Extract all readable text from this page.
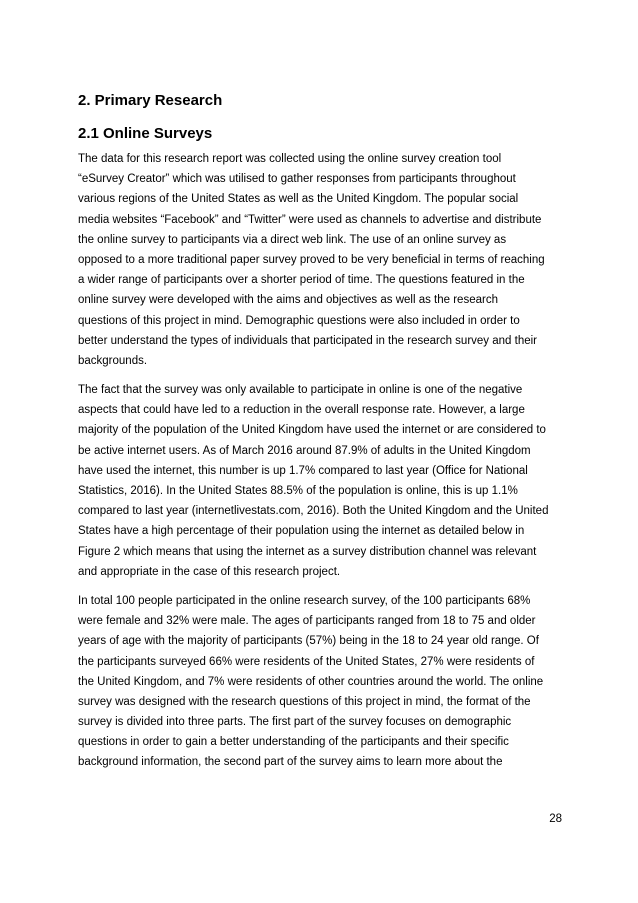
2. Primary Research
2.1 Online Surveys
The data for this research report was collected using the online survey creation tool
“eSurvey Creator” which was utilised to gather responses from participants throughout
various regions of the United States as well as the United Kingdom. The popular social
media websites “Facebook” and “Twitter” were used as channels to advertise and distribute
the online survey to participants via a direct web link. The use of an online survey as
opposed to a more traditional paper survey proved to be very beneficial in terms of reaching
a wider range of participants over a shorter period of time. The questions featured in the
online survey were developed with the aims and objectives as well as the research
questions of this project in mind. Demographic questions were also included in order to
better understand the types of individuals that participated in the research survey and their
backgrounds.
The fact that the survey was only available to participate in online is one of the negative
aspects that could have led to a reduction in the overall response rate. However, a large
majority of the population of the United Kingdom have used the internet or are considered to
be active internet users. As of March 2016 around 87.9% of adults in the United Kingdom
have used the internet, this number is up 1.7% compared to last year (Office for National
Statistics, 2016). In the United States 88.5% of the population is online, this is up 1.1%
compared to last year (internetlivestats.com, 2016). Both the United Kingdom and the United
States have a high percentage of their population using the internet as detailed below in
Figure 2 which means that using the internet as a survey distribution channel was relevant
and appropriate in the case of this research project.
In total 100 people participated in the online research survey, of the 100 participants 68%
were female and 32% were male. The ages of participants ranged from 18 to 75 and older
years of age with the majority of participants (57%) being in the 18 to 24 year old range. Of
the participants surveyed 66% were residents of the United States, 27% were residents of
the United Kingdom, and 7% were residents of other countries around the world. The online
survey was designed with the research questions of this project in mind, the format of the
survey is divided into three parts. The first part of the survey focuses on demographic
questions in order to gain a better understanding of the participants and their specific
background information, the second part of the survey aims to learn more about the
28
